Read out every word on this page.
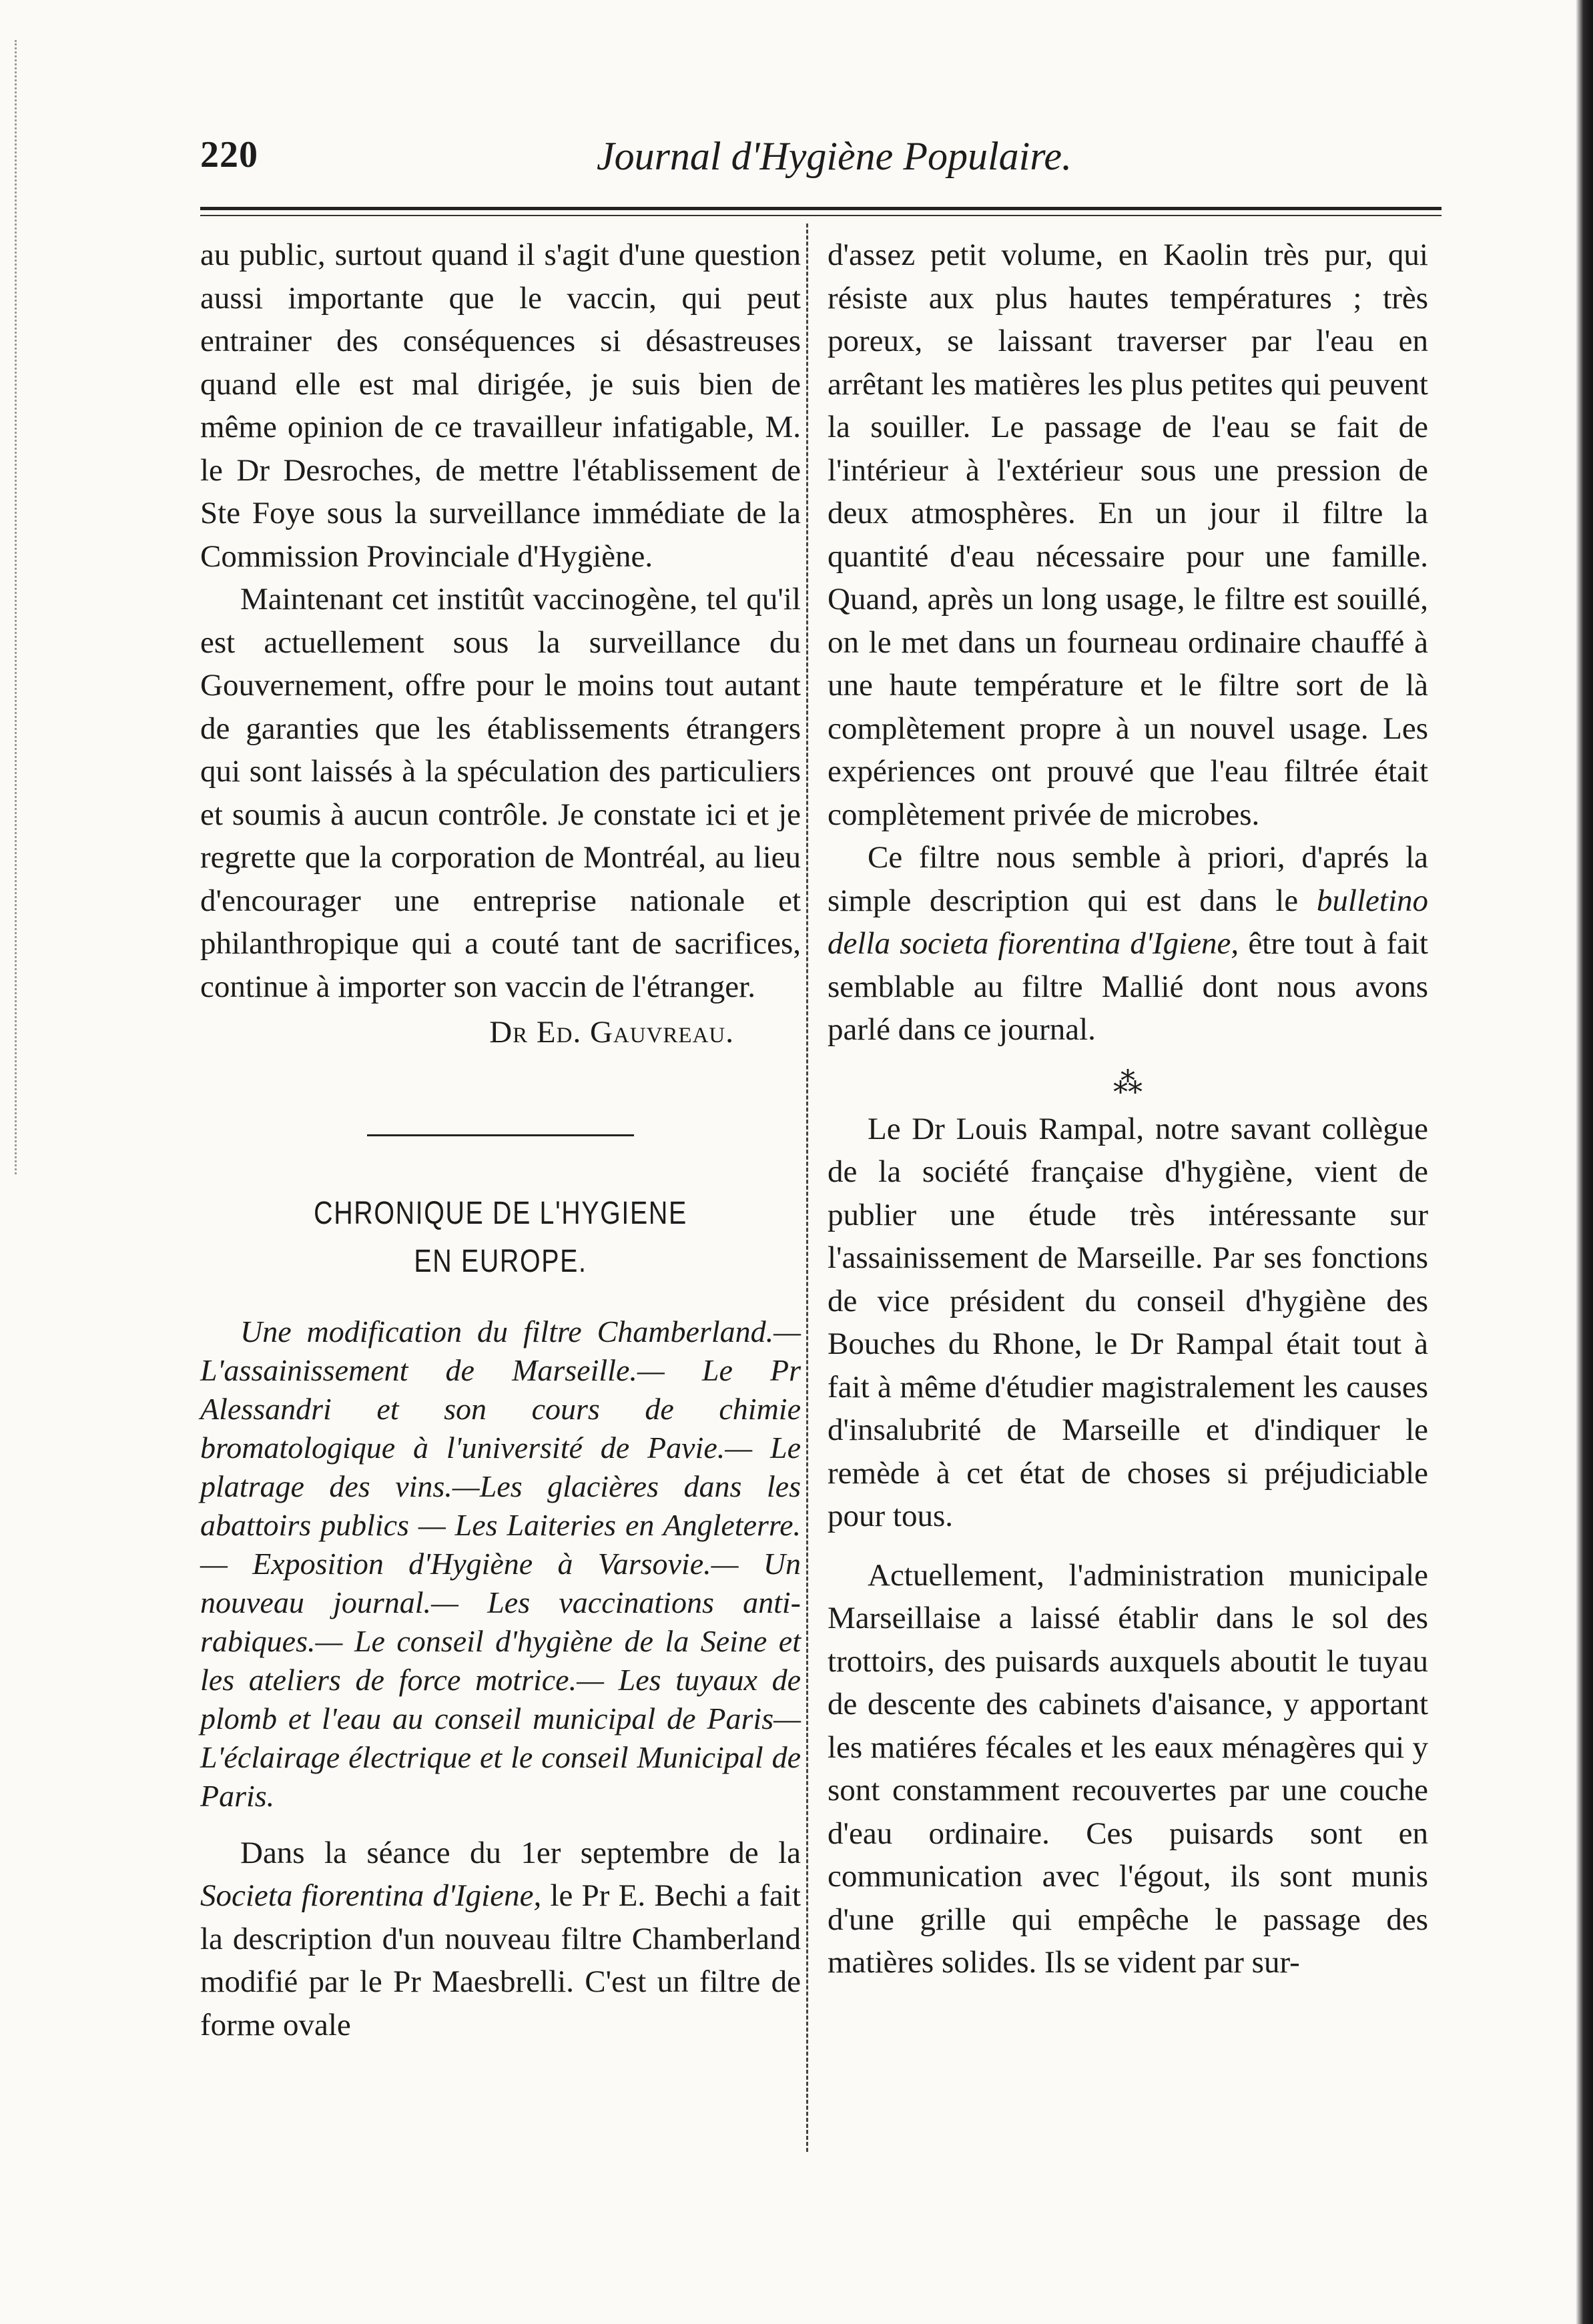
220	Journal d'Hygiène Populaire.

au public, surtout quand il s'agit d'une question aussi importante que le vaccin, qui peut entrainer des conséquences si désastreuses quand elle est mal dirigée, je suis bien de même opinion de ce travailleur infatigable, M. le Dr Desroches, de mettre l'établissement de Ste Foye sous la surveillance immédiate de la Commission Provinciale d'Hygiène.

Maintenant cet institût vaccinogène, tel qu'il est actuellement sous la surveillance du Gouvernement, offre pour le moins tout autant de garanties que les établissements étrangers qui sont laissés à la spéculation des particuliers et soumis à aucun contrôle. Je constate ici et je regrette que la corporation de Montréal, au lieu d'encourager une entreprise nationale et philanthropique qui a couté tant de sacrifices, continue à importer son vaccin de l'étranger.

Dr Ed. Gauvreau.

CHRONIQUE DE L'HYGIENE
EN EUROPE.

Une modification du filtre Chamberland.— L'assainissement de Marseille.— Le Pr Alessandri et son cours de chimie bromatologique à l'université de Pavie.— Le platrage des vins.—Les glacières dans les abattoirs publics — Les Laiteries en Angleterre.— Exposition d'Hygiène à Varsovie.— Un nouveau journal.— Les vaccinations anti-rabiques.— Le conseil d'hygiène de la Seine et les ateliers de force motrice.— Les tuyaux de plomb et l'eau au conseil municipal de Paris— L'éclairage électrique et le conseil Municipal de Paris.

Dans la séance du 1er septembre de la Societa fiorentina d'Igiene, le Pr E. Bechi a fait la description d'un nouveau filtre Chamberland modifié par le Pr Maesbrelli. C'est un filtre de forme ovale

d'assez petit volume, en Kaolin très pur, qui résiste aux plus hautes températures ; très poreux, se laissant traverser par l'eau en arrêtant les matières les plus petites qui peuvent la souiller. Le passage de l'eau se fait de l'intérieur à l'extérieur sous une pression de deux atmosphères. En un jour il filtre la quantité d'eau nécessaire pour une famille. Quand, après un long usage, le filtre est souillé, on le met dans un fourneau ordinaire chauffé à une haute température et le filtre sort de là complètement propre à un nouvel usage. Les expériences ont prouvé que l'eau filtrée était complètement privée de microbes.

Ce filtre nous semble à priori, d'aprés la simple description qui est dans le bulletino della societa fiorentina d'Igiene, être tout à fait semblable au filtre Mallié dont nous avons parlé dans ce journal.

⁂

Le Dr Louis Rampal, notre savant collègue de la société française d'hygiène, vient de publier une étude très intéressante sur l'assainissement de Marseille. Par ses fonctions de vice président du conseil d'hygiène des Bouches du Rhone, le Dr Rampal était tout à fait à même d'étudier magistralement les causes d'insalubrité de Marseille et d'indiquer le remède à cet état de choses si préjudiciable pour tous.

Actuellement, l'administration municipale Marseillaise a laissé établir dans le sol des trottoirs, des puisards auxquels aboutit le tuyau de descente des cabinets d'aisance, y apportant les matiéres fécales et les eaux ménagères qui y sont constamment recouvertes par une couche d'eau ordinaire. Ces puisards sont en communication avec l'égout, ils sont munis d'une grille qui empêche le passage des matières solides. Ils se vident par sur-
